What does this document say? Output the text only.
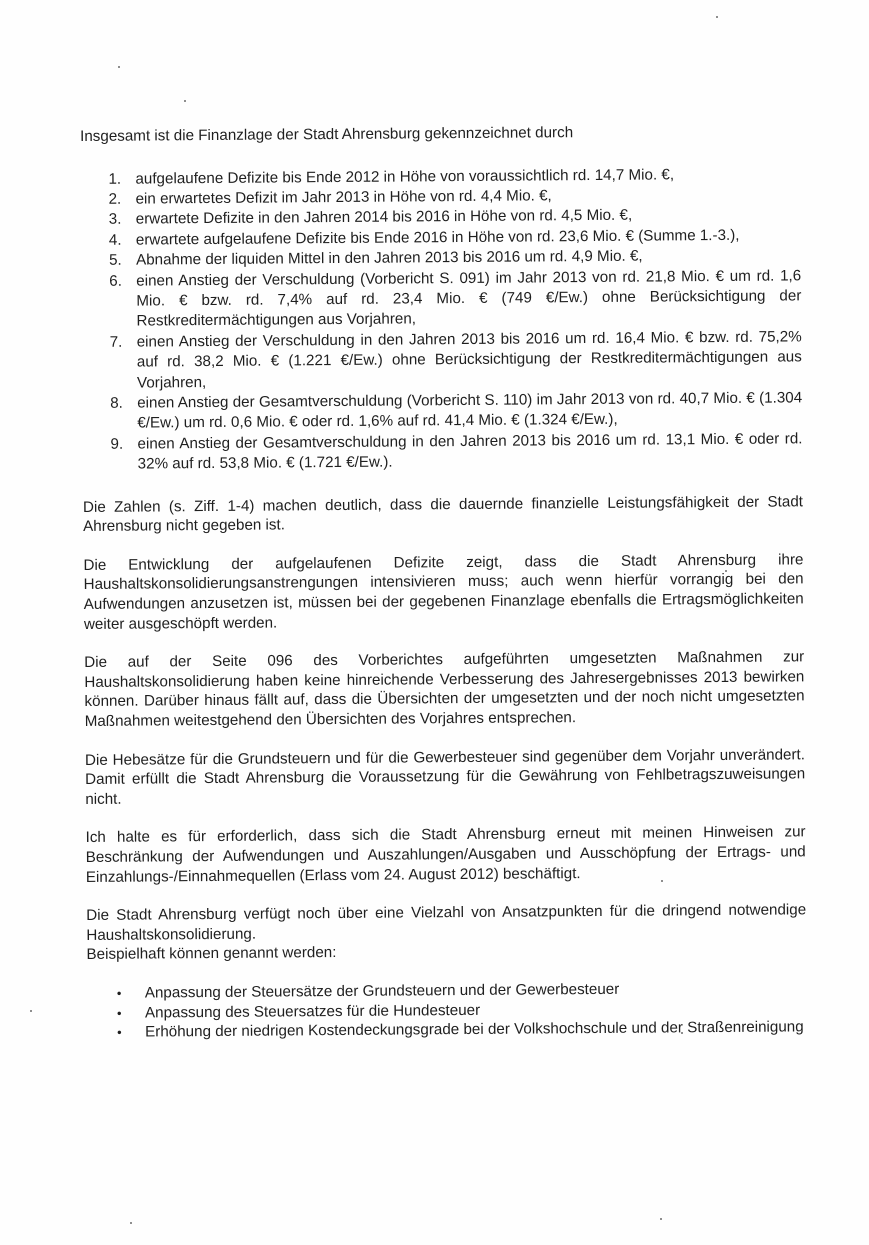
Insgesamt ist die Finanzlage der Stadt Ahrensburg gekennzeichnet durch

1. aufgelaufene Defizite bis Ende 2012 in Höhe von voraussichtlich rd. 14,7 Mio. €,
2. ein erwartetes Defizit im Jahr 2013 in Höhe von rd. 4,4 Mio. €,
3. erwartete Defizite in den Jahren 2014 bis 2016 in Höhe von rd. 4,5 Mio. €,
4. erwartete aufgelaufene Defizite bis Ende 2016 in Höhe von rd. 23,6 Mio. € (Summe 1.-3.),
5. Abnahme der liquiden Mittel in den Jahren 2013 bis 2016 um rd. 4,9 Mio. €,
6. einen Anstieg der Verschuldung (Vorbericht S. 091) im Jahr 2013 von rd. 21,8 Mio. € um rd. 1,6 Mio. € bzw. rd. 7,4% auf rd. 23,4 Mio. € (749 €/Ew.) ohne Berücksichtigung der Restkreditermächtigungen aus Vorjahren,
7. einen Anstieg der Verschuldung in den Jahren 2013 bis 2016 um rd. 16,4 Mio. € bzw. rd. 75,2% auf rd. 38,2 Mio. € (1.221 €/Ew.) ohne Berücksichtigung der Restkreditermächtigungen aus Vorjahren,
8. einen Anstieg der Gesamtverschuldung (Vorbericht S. 110) im Jahr 2013 von rd. 40,7 Mio. € (1.304 €/Ew.) um rd. 0,6 Mio. € oder rd. 1,6% auf rd. 41,4 Mio. € (1.324 €/Ew.),
9. einen Anstieg der Gesamtverschuldung in den Jahren 2013 bis 2016 um rd. 13,1 Mio. € oder rd. 32% auf rd. 53,8 Mio. € (1.721 €/Ew.).

Die Zahlen (s. Ziff. 1-4) machen deutlich, dass die dauernde finanzielle Leistungsfähigkeit der Stadt Ahrensburg nicht gegeben ist.

Die Entwicklung der aufgelaufenen Defizite zeigt, dass die Stadt Ahrensburg ihre Haushaltskonsolidierungsanstrengungen intensivieren muss; auch wenn hierfür vorrangig bei den Aufwendungen anzusetzen ist, müssen bei der gegebenen Finanzlage ebenfalls die Ertragsmöglichkeiten weiter ausgeschöpft werden.

Die auf der Seite 096 des Vorberichtes aufgeführten umgesetzten Maßnahmen zur Haushaltskonsolidierung haben keine hinreichende Verbesserung des Jahresergebnisses 2013 bewirken können. Darüber hinaus fällt auf, dass die Übersichten der umgesetzten und der noch nicht umgesetzten Maßnahmen weitestgehend den Übersichten des Vorjahres entsprechen.

Die Hebesätze für die Grundsteuern und für die Gewerbesteuer sind gegenüber dem Vorjahr unverändert. Damit erfüllt die Stadt Ahrensburg die Voraussetzung für die Gewährung von Fehlbetragszuweisungen nicht.

Ich halte es für erforderlich, dass sich die Stadt Ahrensburg erneut mit meinen Hinweisen zur Beschränkung der Aufwendungen und Auszahlungen/Ausgaben und Ausschöpfung der Ertrags- und Einzahlungs-/Einnahmequellen (Erlass vom 24. August 2012) beschäftigt.

Die Stadt Ahrensburg verfügt noch über eine Vielzahl von Ansatzpunkten für die dringend notwendige Haushaltskonsolidierung.

Beispielhaft können genannt werden:

• Anpassung der Steuersätze der Grundsteuern und der Gewerbesteuer
• Anpassung des Steuersatzes für die Hundesteuer
• Erhöhung der niedrigen Kostendeckungsgrade bei der Volkshochschule und der Straßenreinigung
